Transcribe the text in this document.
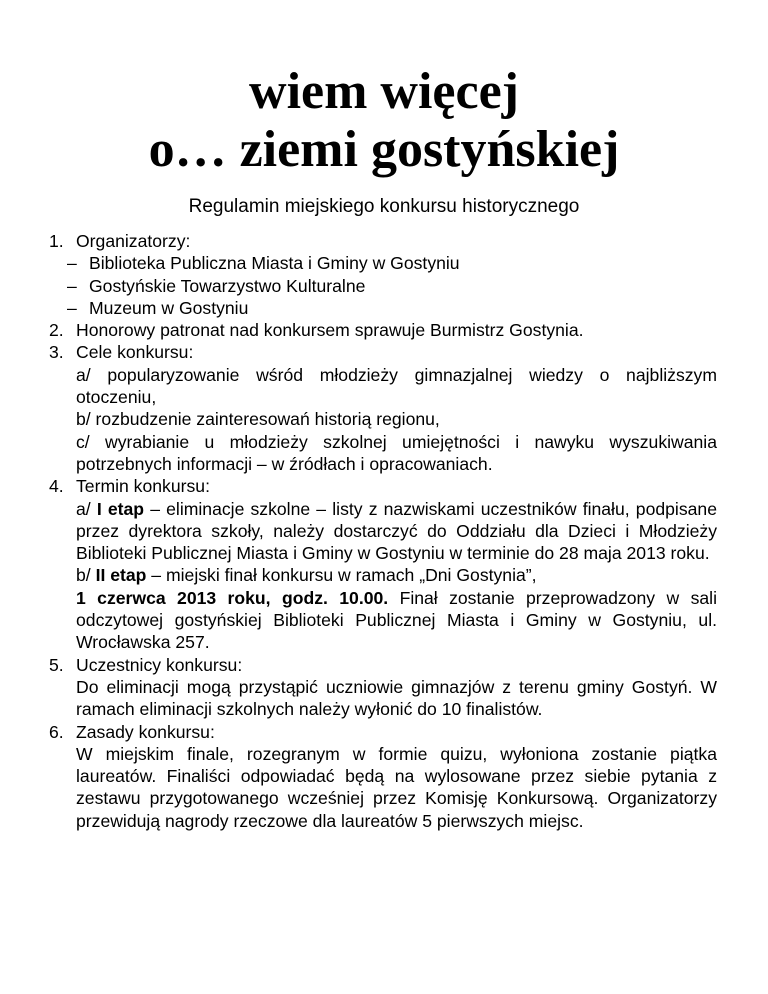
wiem więcej
o… ziemi gostyńskiej

Regulamin miejskiego konkursu historycznego

1. Organizatorzy:
– Biblioteka Publiczna Miasta i Gminy w Gostyniu
– Gostyńskie Towarzystwo Kulturalne
– Muzeum w Gostyniu
2. Honorowy patronat nad konkursem sprawuje Burmistrz Gostynia.
3. Cele konkursu:
a/ popularyzowanie wśród młodzieży gimnazjalnej wiedzy o najbliższym otoczeniu,
b/ rozbudzenie zainteresowań historią regionu,
c/ wyrabianie u młodzieży szkolnej umiejętności i nawyku wyszukiwania potrzebnych informacji – w źródłach i opracowaniach.
4. Termin konkursu:
a/ I etap – eliminacje szkolne – listy z nazwiskami uczestników finału, podpisane przez dyrektora szkoły, należy dostarczyć do Oddziału dla Dzieci i Młodzieży Biblioteki Publicznej Miasta i Gminy w Gostyniu w terminie do 28 maja 2013 roku.
b/ II etap – miejski finał konkursu w ramach „Dni Gostynia”,
1 czerwca 2013 roku, godz. 10.00. Finał zostanie przeprowadzony w sali odczytowej gostyńskiej Biblioteki Publicznej Miasta i Gminy w Gostyniu, ul. Wrocławska 257.
5. Uczestnicy konkursu:
Do eliminacji mogą przystąpić uczniowie gimnazjów z terenu gminy Gostyń. W ramach eliminacji szkolnych należy wyłonić do 10 finalistów.
6. Zasady konkursu:
W miejskim finale, rozegranym w formie quizu, wyłoniona zostanie piątka laureatów. Finaliści odpowiadać będą na wylosowane przez siebie pytania z zestawu przygotowanego wcześniej przez Komisję Konkursową. Organizatorzy przewidują nagrody rzeczowe dla laureatów 5 pierwszych miejsc.
